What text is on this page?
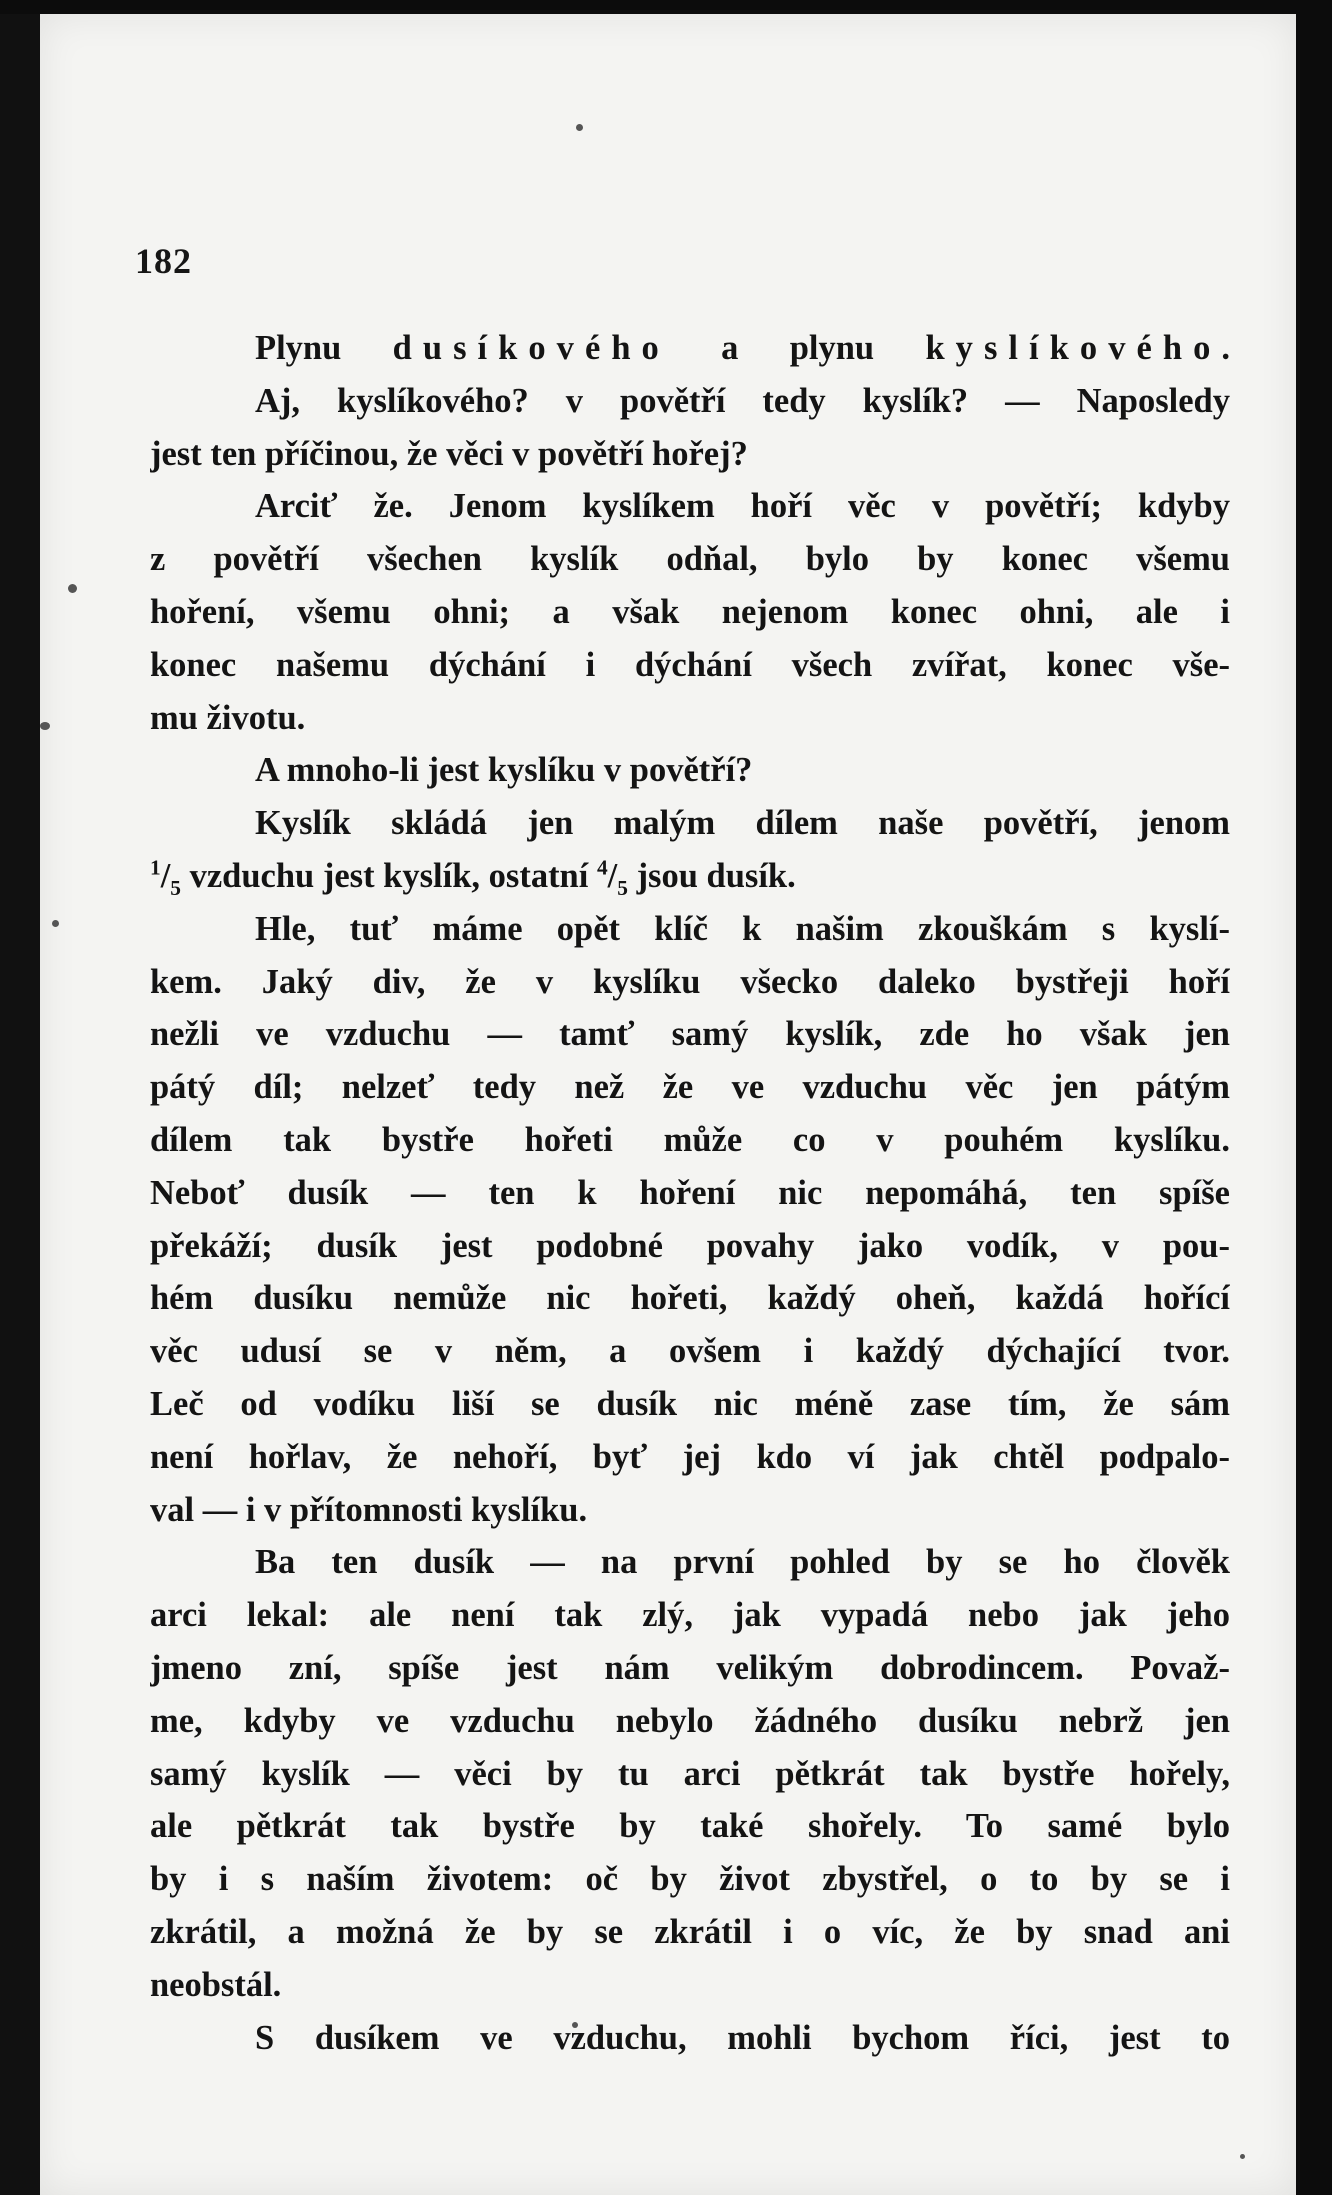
182
Plynu dusíkového a plynu kyslíkového.
Aj, kyslíkového? v povětří tedy kyslík? — Naposledy
jest ten příčinou, že věci v povětří hořej?
Arciť že. Jenom kyslíkem hoří věc v povětří; kdyby
z povětří všechen kyslík odňal, bylo by konec všemu
hoření, všemu ohni; a však nejenom konec ohni, ale i
konec našemu dýchání i dýchání všech zvířat, konec vše-
mu životu.
A mnoho-li jest kyslíku v povětří?
Kyslík skládá jen malým dílem naše povětří, jenom
$^1/_5$ vzduchu jest kyslík, ostatní $^4/_5$ jsou dusík.
Hle, tuť máme opět klíč k našim zkouškám s kyslí-
kem. Jaký div, že v kyslíku všecko daleko bystřeji hoří
nežli ve vzduchu — tamť samý kyslík, zde ho však jen
pátý díl; nelzeť tedy než že ve vzduchu věc jen pátým
dílem tak bystře hořeti může co v pouhém kyslíku.
Neboť dusík — ten k hoření nic nepomáhá, ten spíše
překáží; dusík jest podobné povahy jako vodík, v pou-
hém dusíku nemůže nic hořeti, každý oheň, každá hořící
věc udusí se v něm, a ovšem i každý dýchající tvor.
Leč od vodíku liší se dusík nic méně zase tím, že sám
není hořlav, že nehoří, byť jej kdo ví jak chtěl podpalo-
val — i v přítomnosti kyslíku.
Ba ten dusík — na první pohled by se ho člověk
arci lekal: ale není tak zlý, jak vypadá nebo jak jeho
jmeno zní, spíše jest nám velikým dobrodincem. Považ-
me, kdyby ve vzduchu nebylo žádného dusíku nebrž jen
samý kyslík — věci by tu arci pětkrát tak bystře hořely,
ale pětkrát tak bystře by také shořely. To samé bylo
by i s naším životem: oč by život zbystřel, o to by se i
zkrátil, a možná že by se zkrátil i o víc, že by snad ani
neobstál.
S dusíkem ve vzduchu, mohli bychom říci, jest to
